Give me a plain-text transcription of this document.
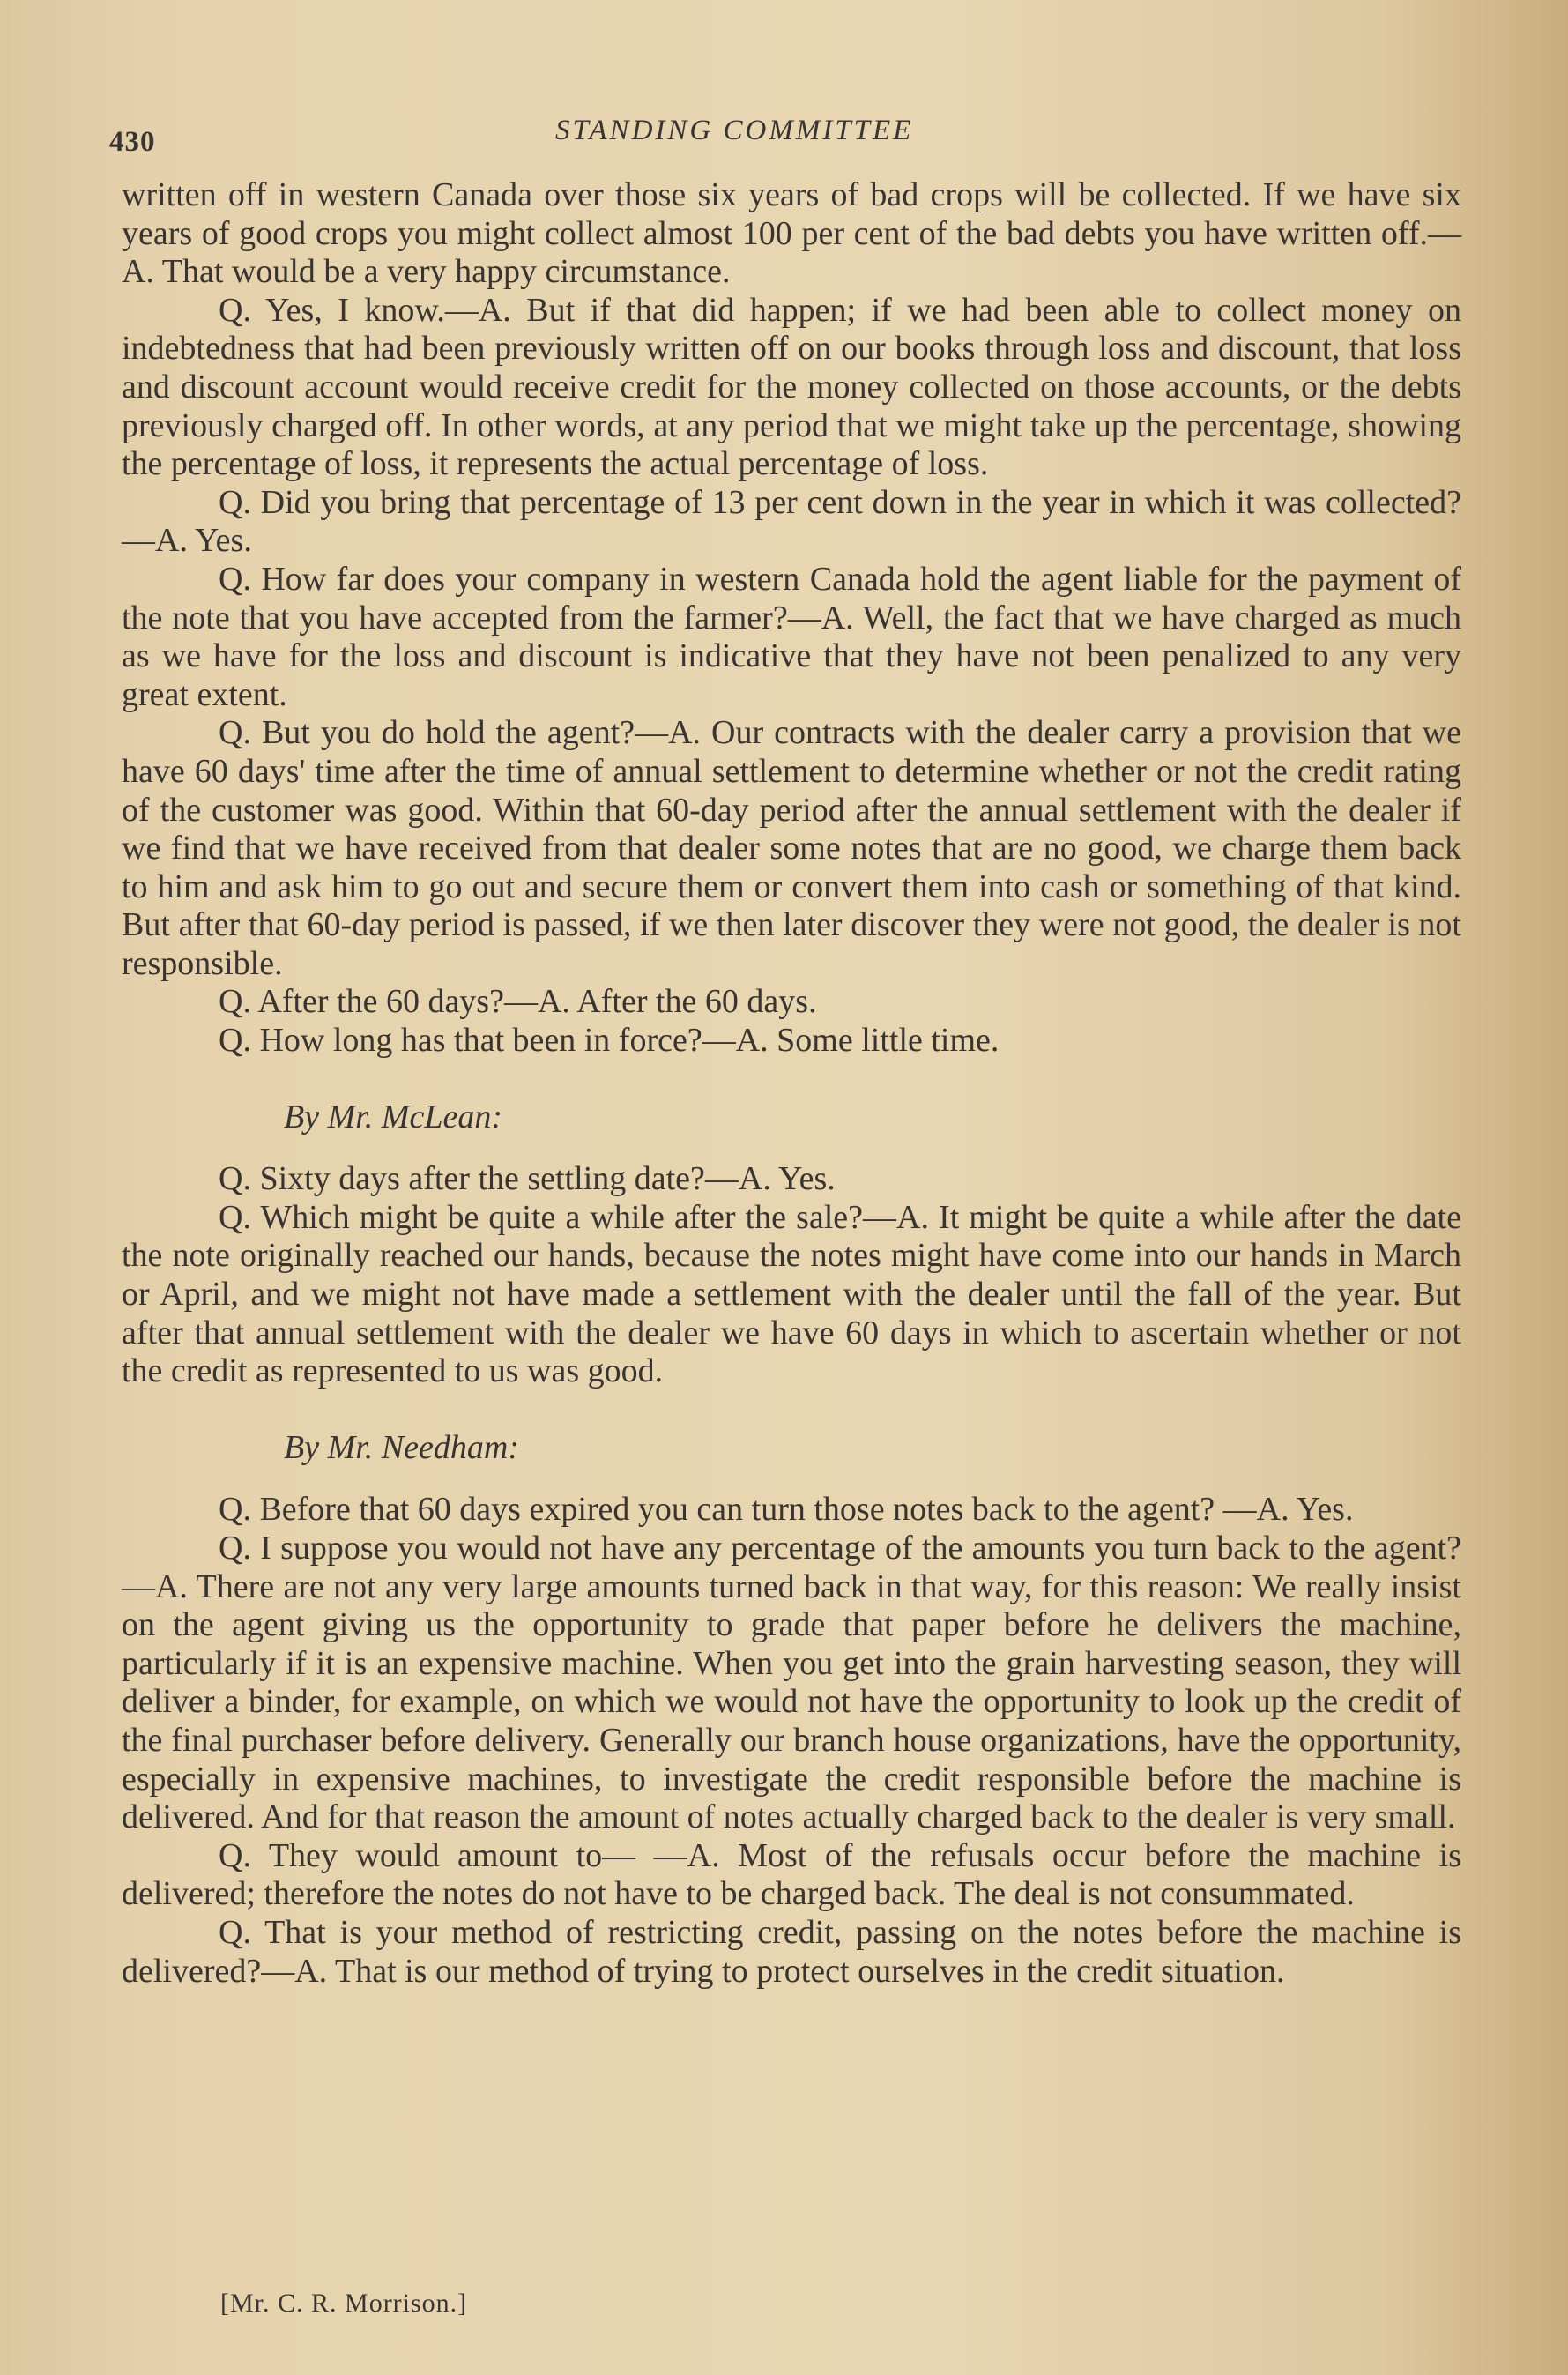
430	STANDING COMMITTEE

written off in western Canada over those six years of bad crops will be collected. If we have six years of good crops you might collect almost 100 per cent of the bad debts you have written off.—A. That would be a very happy circumstance.

Q. Yes, I know.—A. But if that did happen; if we had been able to collect money on indebtedness that had been previously written off on our books through loss and discount, that loss and discount account would receive credit for the money collected on those accounts, or the debts previously charged off. In other words, at any period that we might take up the percentage, showing the percentage of loss, it represents the actual percentage of loss.

Q. Did you bring that percentage of 13 per cent down in the year in which it was collected?—A. Yes.

Q. How far does your company in western Canada hold the agent liable for the payment of the note that you have accepted from the farmer?—A. Well, the fact that we have charged as much as we have for the loss and discount is indicative that they have not been penalized to any very great extent.

Q. But you do hold the agent?—A. Our contracts with the dealer carry a provision that we have 60 days' time after the time of annual settlement to determine whether or not the credit rating of the customer was good. Within that 60-day period after the annual settlement with the dealer if we find that we have received from that dealer some notes that are no good, we charge them back to him and ask him to go out and secure them or convert them into cash or something of that kind. But after that 60-day period is passed, if we then later discover they were not good, the dealer is not responsible.

Q. After the 60 days?—A. After the 60 days.

Q. How long has that been in force?—A. Some little time.

By Mr. McLean:

Q. Sixty days after the settling date?—A. Yes.

Q. Which might be quite a while after the sale?—A. It might be quite a while after the date the note originally reached our hands, because the notes might have come into our hands in March or April, and we might not have made a settlement with the dealer until the fall of the year. But after that annual settlement with the dealer we have 60 days in which to ascertain whether or not the credit as represented to us was good.

By Mr. Needham:

Q. Before that 60 days expired you can turn those notes back to the agent? —A. Yes.

Q. I suppose you would not have any percentage of the amounts you turn back to the agent?—A. There are not any very large amounts turned back in that way, for this reason: We really insist on the agent giving us the opportunity to grade that paper before he delivers the machine, particularly if it is an expensive machine. When you get into the grain harvesting season, they will deliver a binder, for example, on which we would not have the opportunity to look up the credit of the final purchaser before delivery. Generally our branch house organizations, have the opportunity, especially in expensive machines, to investigate the credit responsible before the machine is delivered. And for that reason the amount of notes actually charged back to the dealer is very small.

Q. They would amount to— —A. Most of the refusals occur before the machine is delivered; therefore the notes do not have to be charged back. The deal is not consummated.

Q. That is your method of restricting credit, passing on the notes before the machine is delivered?—A. That is our method of trying to protect ourselves in the credit situation.

[Mr. C. R. Morrison.]
